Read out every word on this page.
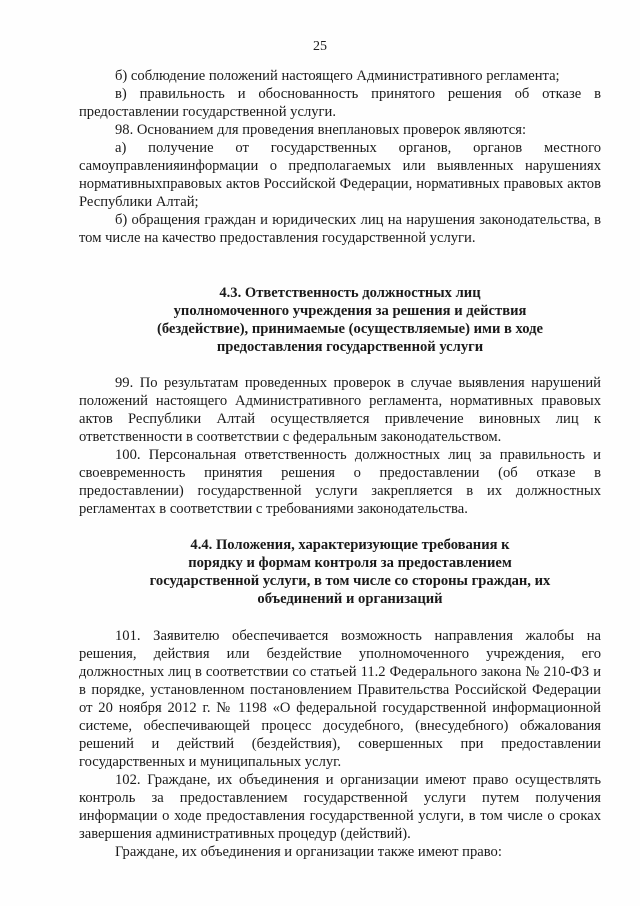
25

б) соблюдение положений настоящего Административного регламента;

в) правильность и обоснованность принятого решения об отказе в предоставлении государственной услуги.

98. Основанием для проведения внеплановых проверок являются:

а) получение от государственных органов, органов местного самоуправленияинформации о предполагаемых или выявленных нарушениях нормативныхправовых актов Российской Федерации, нормативных правовых актов Республики Алтай;

б) обращения граждан и юридических лиц на нарушения законодательства, в том числе на качество предоставления государственной услуги.

4.3. Ответственность должностных лиц
уполномоченного учреждения за решения и действия
(бездействие), принимаемые (осуществляемые) ими в ходе
предоставления государственной услуги

99. По результатам проведенных проверок в случае выявления нарушений положений настоящего Административного регламента, нормативных правовых актов Республики Алтай осуществляется привлечение виновных лиц к ответственности в соответствии с федеральным законодательством.

100. Персональная ответственность должностных лиц за правильность и своевременность принятия решения о предоставлении (об отказе в предоставлении) государственной услуги закрепляется в их должностных регламентах в соответствии с требованиями законодательства.

4.4. Положения, характеризующие требования к
порядку и формам контроля за предоставлением
государственной услуги, в том числе со стороны граждан, их
объединений и организаций

101. Заявителю обеспечивается возможность направления жалобы на решения, действия или бездействие уполномоченного учреждения, его должностных лиц в соответствии со статьей 11.2 Федерального закона № 210-ФЗ и в порядке, установленном постановлением Правительства Российской Федерации от 20 ноября 2012 г. № 1198 «О федеральной государственной информационной системе, обеспечивающей процесс досудебного, (внесудебного) обжалования решений и действий (бездействия), совершенных при предоставлении государственных и муниципальных услуг.

102. Граждане, их объединения и организации имеют право осуществлять контроль за предоставлением государственной услуги путем получения информации о ходе предоставления государственной услуги, в том числе о сроках завершения административных процедур (действий).

Граждане, их объединения и организации также имеют право:
